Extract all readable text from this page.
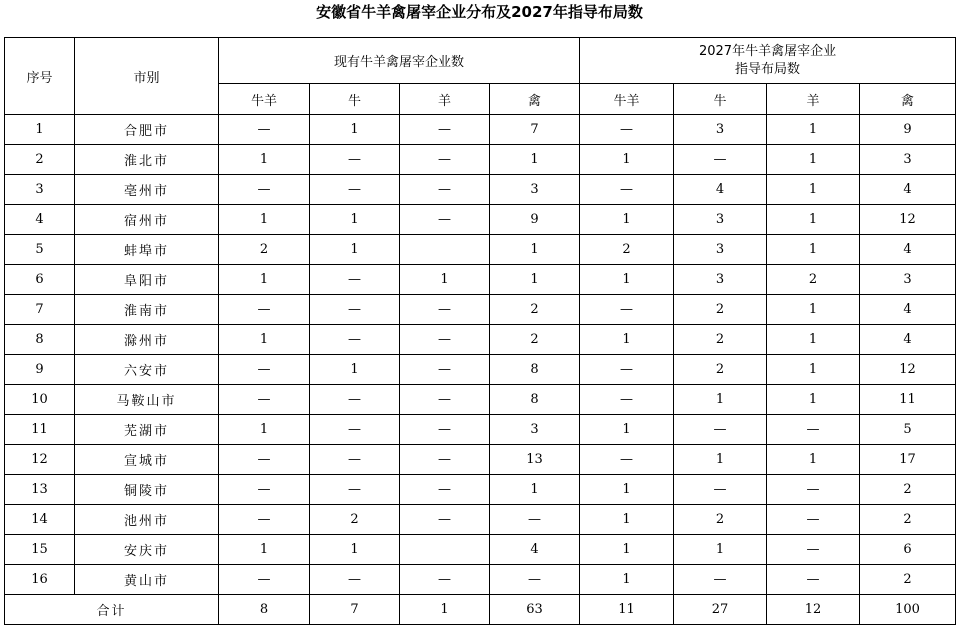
安徽省牛羊禽屠宰企业分布及2027年指导布局数
序号	市别	现有牛羊禽屠宰企业数				2027年牛羊禽屠宰企业
指导布局数			

		牛羊	牛	羊	禽	牛羊	牛	羊	禽
1	合肥市	—	1	—	7	—	3	1	9
2	淮北市	1	—	—	1	1	—	1	3
3	亳州市	—	—	—	3	—	4	1	4
4	宿州市	1	1	—	9	1	3	1	12
5	蚌埠市	2	1		1	2	3	1	4
6	阜阳市	1	—	1	1	1	3	2	3
7	淮南市	—	—	—	2	—	2	1	4
8	滁州市	1	—	—	2	1	2	1	4
9	六安市	—	1	—	8	—	2	1	12
10	马鞍山市	—	—	—	8	—	1	1	11
11	芜湖市	1	—	—	3	1	—	—	5
12	宣城市	—	—	—	13	—	1	1	17
13	铜陵市	—	—	—	1	1	—	—	2
14	池州市	—	2	—	—	1	2	—	2
15	安庆市	1	1		4	1	1	—	6
16	黄山市	—	—	—	—	1	—	—	2
合计		8	7	1	63	11	27	12	100
